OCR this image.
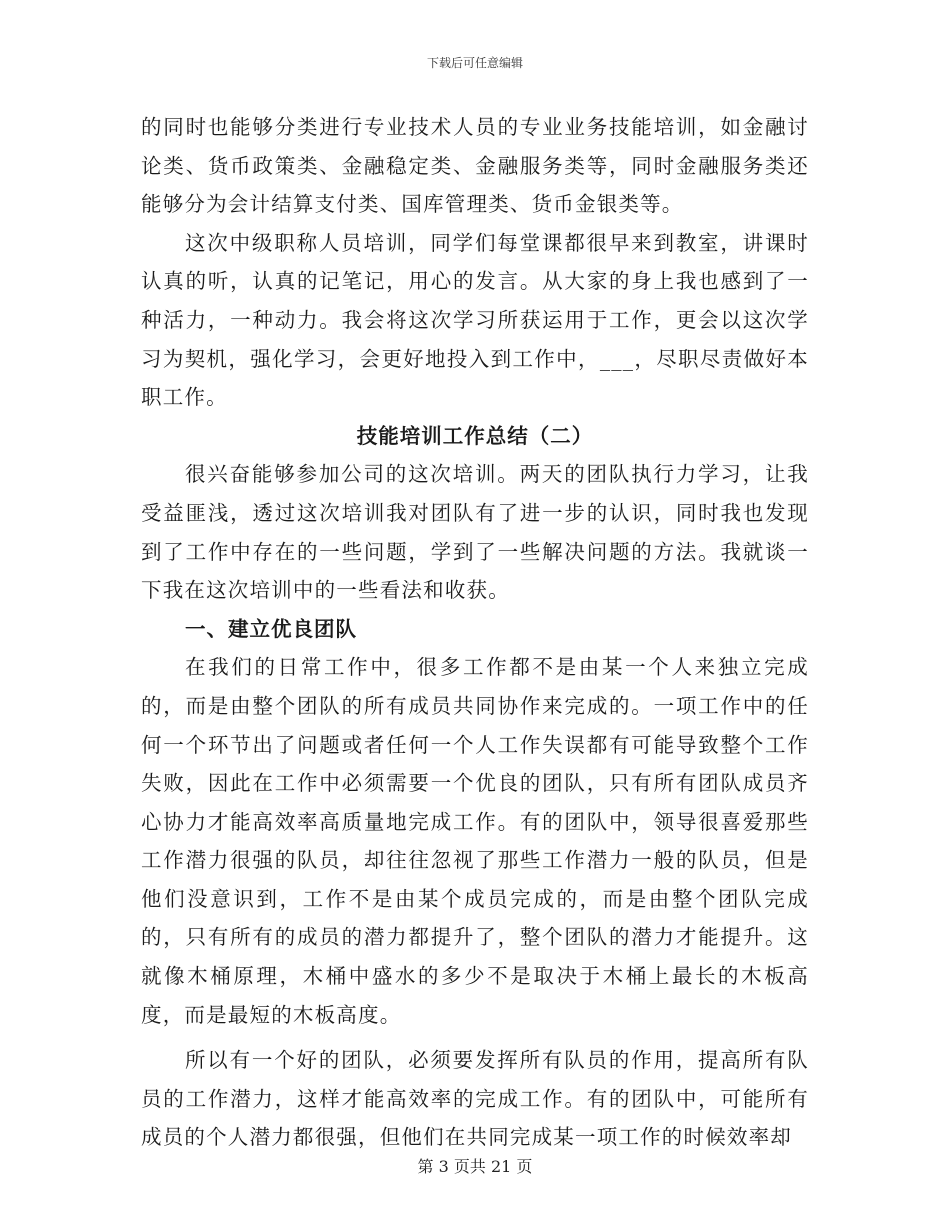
下载后可任意编辑

的同时也能够分类进行专业技术人员的专业业务技能培训，如金融讨论类、货币政策类、金融稳定类、金融服务类等，同时金融服务类还能够分为会计结算支付类、国库管理类、货币金银类等。

这次中级职称人员培训，同学们每堂课都很早来到教室，讲课时认真的听，认真的记笔记，用心的发言。从大家的身上我也感到了一种活力，一种动力。我会将这次学习所获运用于工作，更会以这次学习为契机，强化学习，会更好地投入到工作中，___，尽职尽责做好本职工作。

技能培训工作总结（二）

很兴奋能够参加公司的这次培训。两天的团队执行力学习，让我受益匪浅，透过这次培训我对团队有了进一步的认识，同时我也发现到了工作中存在的一些问题，学到了一些解决问题的方法。我就谈一下我在这次培训中的一些看法和收获。

一、建立优良团队

在我们的日常工作中，很多工作都不是由某一个人来独立完成的，而是由整个团队的所有成员共同协作来完成的。一项工作中的任何一个环节出了问题或者任何一个人工作失误都有可能导致整个工作失败，因此在工作中必须需要一个优良的团队，只有所有团队成员齐心协力才能高效率高质量地完成工作。有的团队中，领导很喜爱那些工作潜力很强的队员，却往往忽视了那些工作潜力一般的队员，但是他们没意识到，工作不是由某个成员完成的，而是由整个团队完成的，只有所有的成员的潜力都提升了，整个团队的潜力才能提升。这就像木桶原理，木桶中盛水的多少不是取决于木桶上最长的木板高度，而是最短的木板高度。

所以有一个好的团队，必须要发挥所有队员的作用，提高所有队员的工作潜力，这样才能高效率的完成工作。有的团队中，可能所有成员的个人潜力都很强，但他们在共同完成某一项工作的时候效率却

第 3 页共 21 页
